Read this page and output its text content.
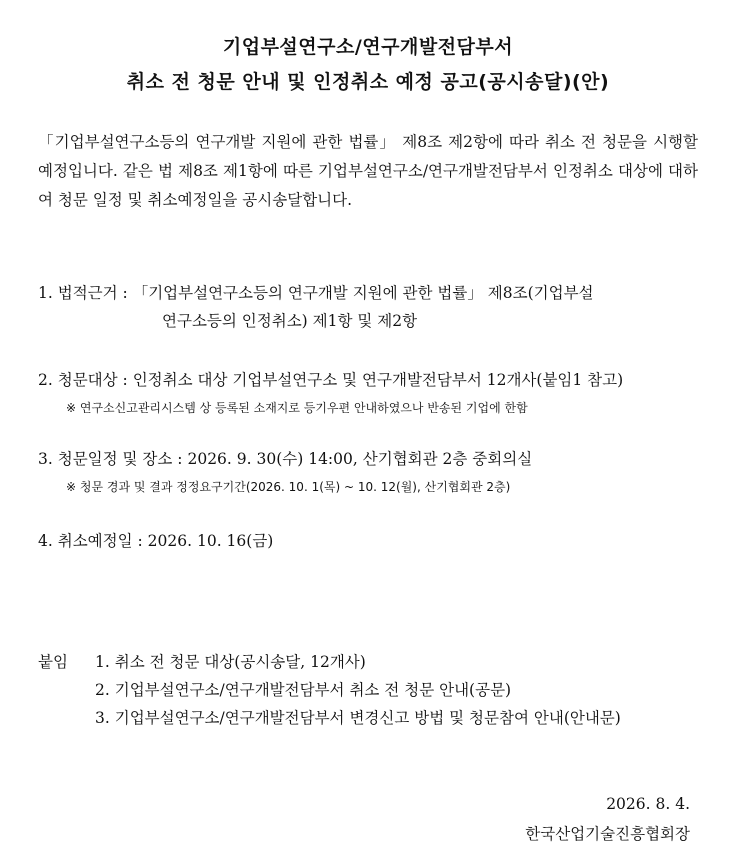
기업부설연구소/연구개발전담부서
취소 전 청문 안내 및 인정취소 예정 공고(공시송달)(안)
「기업부설연구소등의 연구개발 지원에 관한 법률」 제8조 제2항에 따라 취소 전 청문을 시행할 예정입니다. 같은 법 제8조 제1항에 따른 기업부설연구소/연구개발전담부서 인정취소 대상에 대하여 청문 일정 및 취소예정일을 공시송달합니다.
1. 법적근거 : 「기업부설연구소등의 연구개발 지원에 관한 법률」 제8조(기업부설
연구소등의 인정취소) 제1항 및 제2항
2. 청문대상 : 인정취소 대상 기업부설연구소 및 연구개발전담부서 12개사(붙임1 참고)
※ 연구소신고관리시스템 상 등록된 소재지로 등기우편 안내하였으나 반송된 기업에 한함
3. 청문일정 및 장소 : 2026. 9. 30(수) 14:00, 산기협회관 2층 중회의실
※ 청문 경과 및 결과 정정요구기간(2026. 10. 1(목) ~ 10. 12(월), 산기협회관 2층)
4. 취소예정일 : 2026. 10. 16(금)
붙임 1. 취소 전 청문 대상(공시송달, 12개사)
2. 기업부설연구소/연구개발전담부서 취소 전 청문 안내(공문)
3. 기업부설연구소/연구개발전담부서 변경신고 방법 및 청문참여 안내(안내문)
2026. 8. 4.
한국산업기술진흥협회장
